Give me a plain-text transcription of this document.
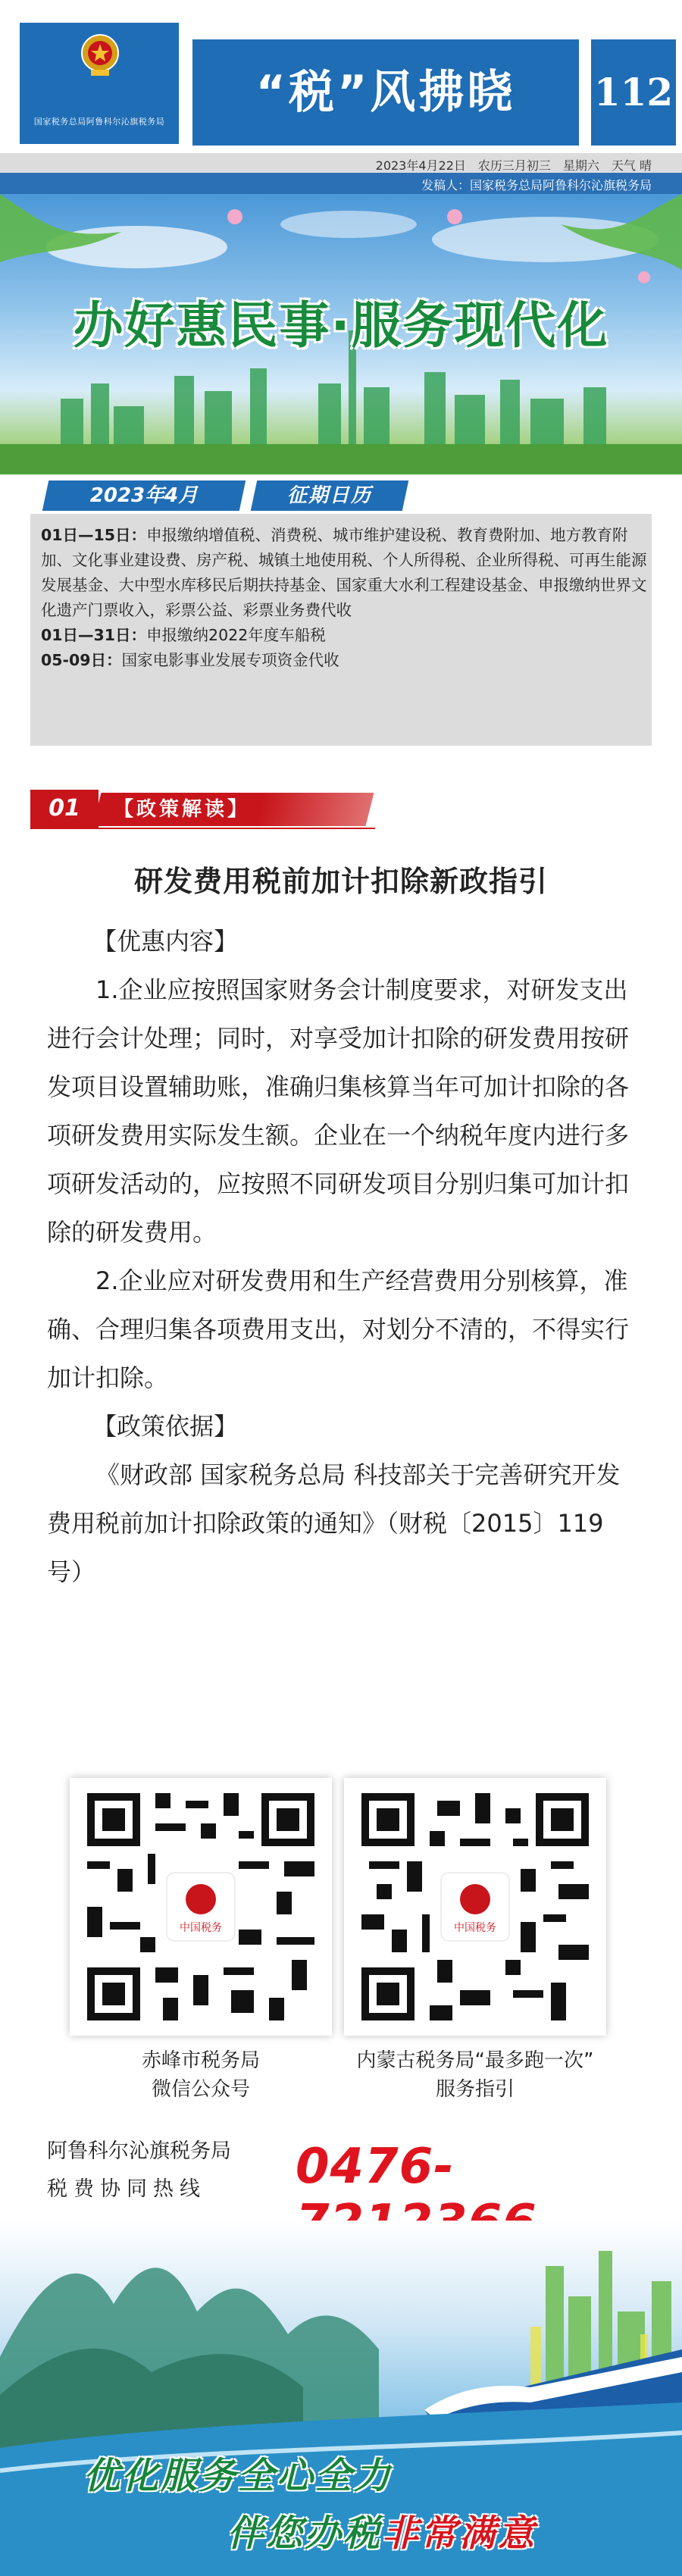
国家税务总局阿鲁科尔沁旗税务局
“税”风拂晓	112
2023年4月22日　农历三月初三　星期六　天气 晴
发稿人：国家税务总局阿鲁科尔沁旗税务局
办好惠民事·服务现代化
2023年4月	征期日历

01日—15日：申报缴纳增值税、消费税、城市维护建设税、教育费附加、地方教育附加、文化事业建设费、房产税、城镇土地使用税、个人所得税、企业所得税、可再生能源发展基金、大中型水库移民后期扶持基金、国家重大水利工程建设基金、申报缴纳世界文化遗产门票收入，彩票公益、彩票业务费代收

01日—31日：申报缴纳2022年度车船税

05-09日：国家电影事业发展专项资金代收

01	【政策解读】
研发费用税前加计扣除新政指引

【优惠内容】

1.企业应按照国家财务会计制度要求，对研发支出进行会计处理；同时，对享受加计扣除的研发费用按研发项目设置辅助账，准确归集核算当年可加计扣除的各项研发费用实际发生额。企业在一个纳税年度内进行多项研发活动的，应按照不同研发项目分别归集可加计扣除的研发费用。

2.企业应对研发费用和生产经营费用分别核算，准确、合理归集各项费用支出，对划分不清的，不得实行加计扣除。

【政策依据】

《财政部 国家税务总局 科技部关于完善研究开发费用税前加计扣除政策的通知》（财税〔2015〕119号）

中国税务
赤峰市税务局
微信公众号
中国税务
内蒙古税务局“最多跑一次”
服务指引
阿鲁科尔沁旗税务局
税费协同热线 0476-
优化服务全心全力
伴您办税非常满意
